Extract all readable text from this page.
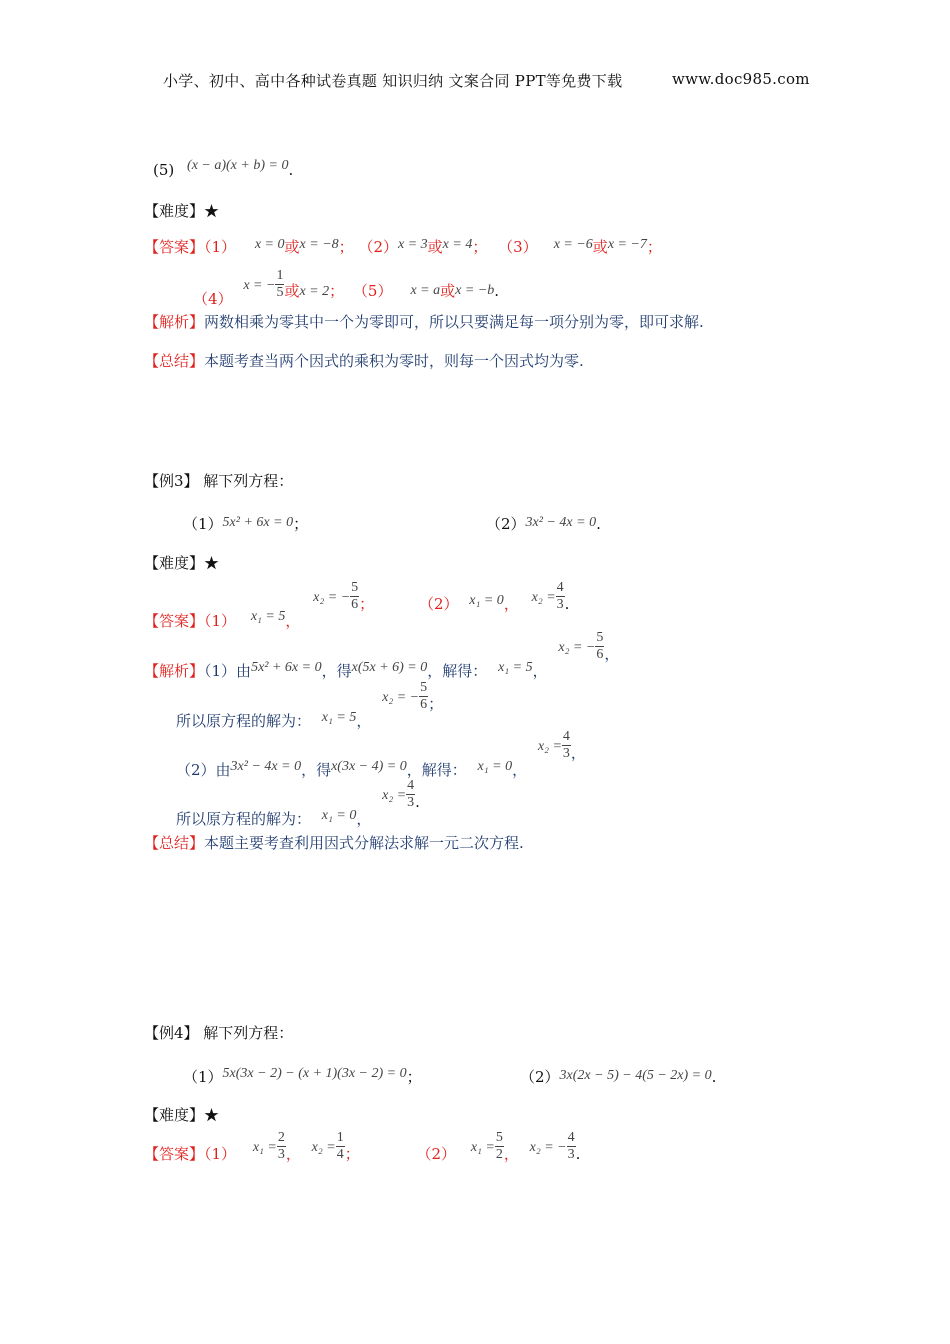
小学、初中、高中各种试卷真题 知识归纳 文案合同 PPT等免费下载	www.doc985.com
(5) (x − a)(x + b) = 0.
【难度】★
【答案】（1） x = 0或x = −8； （2）x = 3或x = 4； （3） x = −6或x = −7；
（4） x = − $\frac{1}{5}$ 或x = 2； （5） x = a或x = −b.
【解析】两数相乘为零其中一个为零即可，所以只要满足每一项分别为零，即可求解.
【总结】本题考查当两个因式的乘积为零时，则每一个因式均为零.
【例3】 解下列方程：
（1）5x² + 6x = 0；	（2）3x² − 4x = 0.
【难度】★
【答案】（1） x₁ = 5， x₂ = − $\frac{5}{6}$ ；	（2） x₁ = 0， $x_2 = \frac{4}{3}$ .
【解析】（1）由5x² + 6x = 0，得x(5x + 6) = 0，解得： x₁ = 5， x₂ = − $\frac{5}{6}$ ，
所以原方程的解为： x₁ = 5， x₂ = − $\frac{5}{6}$ ；
（2）由3x² − 4x = 0，得x(3x − 4) = 0，解得： x₁ = 0， $x_2 = \frac{4}{3}$ ，
所以原方程的解为： x₁ = 0， $x_2 = \frac{4}{3}$ .
【总结】本题主要考查利用因式分解法求解一元二次方程.
【例4】 解下列方程：
（1）5x(3x − 2) − (x + 1)(3x − 2) = 0；	（2）3x(2x − 5) − 4(5 − 2x) = 0.
【难度】★
【答案】（1） $x_1 = \frac{2}{3}$ ， $x_2 = \frac{1}{4}$ ；	（2） $x_1 = \frac{5}{2}$ ， x₂ = − $\frac{4}{3}$ .
